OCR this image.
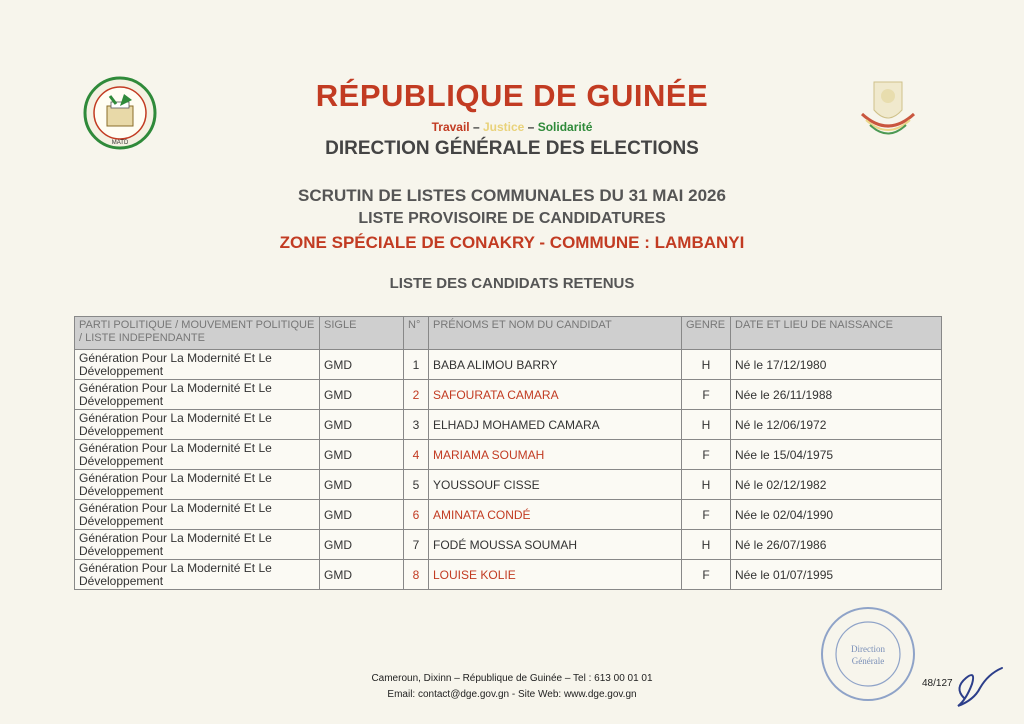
MATD
RÉPUBLIQUE DE GUINÉE
Travail – Justice – Solidarité
DIRECTION GÉNÉRALE DES ELECTIONS
SCRUTIN DE LISTES COMMUNALES DU 31 MAI 2026
LISTE PROVISOIRE DE CANDIDATURES
ZONE SPÉCIALE DE CONAKRY - COMMUNE : LAMBANYI
LISTE DES CANDIDATS RETENUS
PARTI POLITIQUE / MOUVEMENT POLITIQUE / LISTE INDEPENDANTE	SIGLE	N°	PRÉNOMS ET NOM DU CANDIDAT	GENRE	DATE ET LIEU DE NAISSANCE
Génération Pour La Modernité Et Le Développement	GMD	1	BABA ALIMOU BARRY	H	Né le 17/12/1980
Génération Pour La Modernité Et Le Développement	GMD	2	SAFOURATA CAMARA	F	Née le 26/11/1988
Génération Pour La Modernité Et Le Développement	GMD	3	ELHADJ MOHAMED CAMARA	H	Né le 12/06/1972
Génération Pour La Modernité Et Le Développement	GMD	4	MARIAMA SOUMAH	F	Née le 15/04/1975
Génération Pour La Modernité Et Le Développement	GMD	5	YOUSSOUF CISSE	H	Né le 02/12/1982
Génération Pour La Modernité Et Le Développement	GMD	6	AMINATA CONDÉ	F	Née le 02/04/1990
Génération Pour La Modernité Et Le Développement	GMD	7	FODÉ MOUSSA SOUMAH	H	Né le 26/07/1986
Génération Pour La Modernité Et Le Développement	GMD	8	LOUISE KOLIE	F	Née le 01/07/1995
Direction
Générale
Cameroun, Dixinn – République de Guinée – Tel : 613 00 01 01
Email: contact@dge.gov.gn - Site Web: www.dge.gov.gn
48/127
